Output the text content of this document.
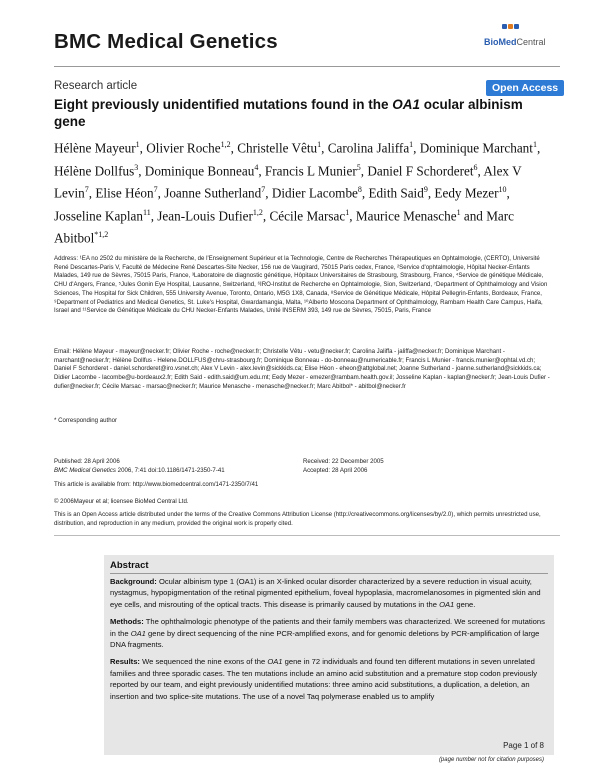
BMC Medical Genetics	BioMedCentral
Research article	Open Access
Eight previously unidentified mutations found in the OA1 ocular albinism gene
Hélène Mayeur$^1$, Olivier Roche$^{1,2}$, Christelle Vêtu$^1$, Carolina Jaliffa$^1$, Dominique Marchant$^1$, Hélène Dollfus$^3$, Dominique Bonneau$^4$, Francis L Munier$^5$, Daniel F Schorderet$^6$, Alex V Levin$^7$, Elise Héon$^7$, Joanne Sutherland$^7$, Didier Lacombe$^8$, Edith Said$^9$, Eedy Mezer$^{10}$, Josseline Kaplan$^{11}$, Jean-Louis Dufier$^{1,2}$, Cécile Marsac$^1$, Maurice Menasche$^1$ and Marc Abitbol$^{*1,2}$
Address: ¹EA no 2502 du ministère de la Recherche, de l'Enseignement Supérieur et la Technologie, Centre de Recherches Thérapeutiques en Ophtalmologie, (CERTO), Université René Descartes-Paris V, Faculté de Médecine René Descartes-Site Necker, 156 rue de Vaugirard, 75015 Paris cedex, France, ²Service d'ophtalmologie, Hôpital Necker-Enfants Malades, 149 rue de Sèvres, 75015 Paris, France, ³Laboratoire de diagnostic génétique, Hôpitaux Universitaires de Strasbourg, Strasbourg, France, ⁴Service de génétique Médicale, CHU d'Angers, France, ⁵Jules Gonin Eye Hospital, Lausanne, Switzerland, ⁶IRO-Institut de Recherche en Ophtalmologie, Sion, Switzerland, ⁷Department of Ophthalmology and Vision Sciences, The Hospital for Sick Children, 555 University Avenue, Toronto, Ontario, M5G 1X8, Canada, ⁸Service de Génétique Médicale, Hôpital Pellegrin-Enfants, Bordeaux, France, ⁹Department of Pediatrics and Medical Genetics, St. Luke's Hospital, Gwardamangia, Malta, ¹⁰Alberto Moscona Department of Ophthalmology, Rambam Health Care Campus, Haifa, Israel and ¹¹Service de Génétique Médicale du CHU Necker-Enfants Malades, Unité INSERM 393, 149 rue de Sèvres, 75015, Paris, France
Email: Hélène Mayeur - mayeur@necker.fr; Olivier Roche - roche@necker.fr; Christelle Vêtu - vetu@necker.fr; Carolina Jaliffa - jaliffa@necker.fr; Dominique Marchant - marchant@necker.fr; Hélène Dollfus - Helene.DOLLFUS@chru-strasbourg.fr; Dominique Bonneau - do-bonneau@numericable.fr; Francis L Munier - francis.munier@ophtal.vd.ch; Daniel F Schorderet - daniel.schorderet@iro.vsnet.ch; Alex V Levin - alex.levin@sickkids.ca; Elise Héon - eheon@attglobal.net; Joanne Sutherland - joanne.sutherland@sickkids.ca; Didier Lacombe - lacombe@u-bordeaux2.fr; Edith Said - edith.said@um.edu.mt; Eedy Mezer - emezer@rambam.health.gov.il; Josseline Kaplan - kaplan@necker.fr; Jean-Louis Dufier - dufier@necker.fr; Cécile Marsac - marsac@necker.fr; Maurice Menasche - menasche@necker.fr; Marc Abitbol* - abitbol@necker.fr
* Corresponding author
Published: 28 April 2006
BMC Medical Genetics 2006, 7:41 doi:10.1186/1471-2350-7-41
Received: 22 December 2005
Accepted: 28 April 2006
This article is available from: http://www.biomedcentral.com/1471-2350/7/41
© 2006Mayeur et al; licensee BioMed Central Ltd.
This is an Open Access article distributed under the terms of the Creative Commons Attribution License (http://creativecommons.org/licenses/by/2.0), which permits unrestricted use, distribution, and reproduction in any medium, provided the original work is properly cited.
Abstract

Background: Ocular albinism type 1 (OA1) is an X-linked ocular disorder characterized by a severe reduction in visual acuity, nystagmus, hypopigmentation of the retinal pigmented epithelium, foveal hypoplasia, macromelanosomes in pigmented skin and eye cells, and misrouting of the optical tracts. This disease is primarily caused by mutations in the OA1 gene.

Methods: The ophthalmologic phenotype of the patients and their family members was characterized. We screened for mutations in the OA1 gene by direct sequencing of the nine PCR-amplified exons, and for genomic deletions by PCR-amplification of large DNA fragments.

Results: We sequenced the nine exons of the OA1 gene in 72 individuals and found ten different mutations in seven unrelated families and three sporadic cases. The ten mutations include an amino acid substitution and a premature stop codon previously reported by our team, and eight previously unidentified mutations: three amino acid substitutions, a duplication, a deletion, an insertion and two splice-site mutations. The use of a novel Taq polymerase enabled us to amplify

Page 1 of 8
(page number not for citation purposes)
